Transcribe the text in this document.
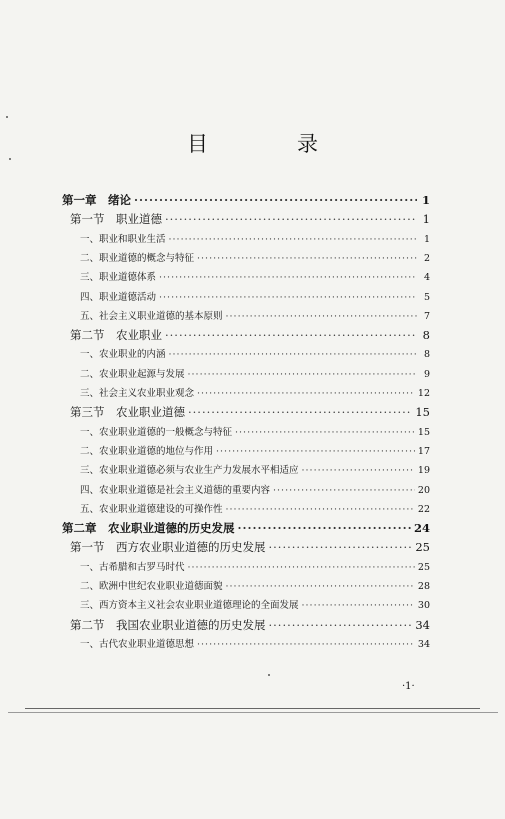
目　录
第一章　绪论 ·····	1
第一节　职业道德 ·····	1
一、职业和职业生活 ·····	1
二、职业道德的概念与特征 ·····	2
三、职业道德体系 ·····	4
四、职业道德活动 ·····	5
五、社会主义职业道德的基本原则 ·····	7
第二节　农业职业 ·····	8
一、农业职业的内涵 ·····	8
二、农业职业起源与发展 ·····	9
三、社会主义农业职业观念 ·····	12
第三节　农业职业道德 ·····	15
一、农业职业道德的一般概念与特征 ·····	15
二、农业职业道德的地位与作用 ·····	17
三、农业职业道德必须与农业生产力发展水平相适应 ·····	19
四、农业职业道德是社会主义道德的重要内容 ·····	20
五、农业职业道德建设的可操作性 ·····	22
第二章　农业职业道德的历史发展 ·····	24
第一节　西方农业职业道德的历史发展 ·····	25
一、古希腊和古罗马时代 ·····	25
二、欧洲中世纪农业职业道德面貌 ·····	28
三、西方资本主义社会农业职业道德理论的全面发展 ·····	30
第二节　我国农业职业道德的历史发展 ·····	34
一、古代农业职业道德思想 ·····	34
·1·
